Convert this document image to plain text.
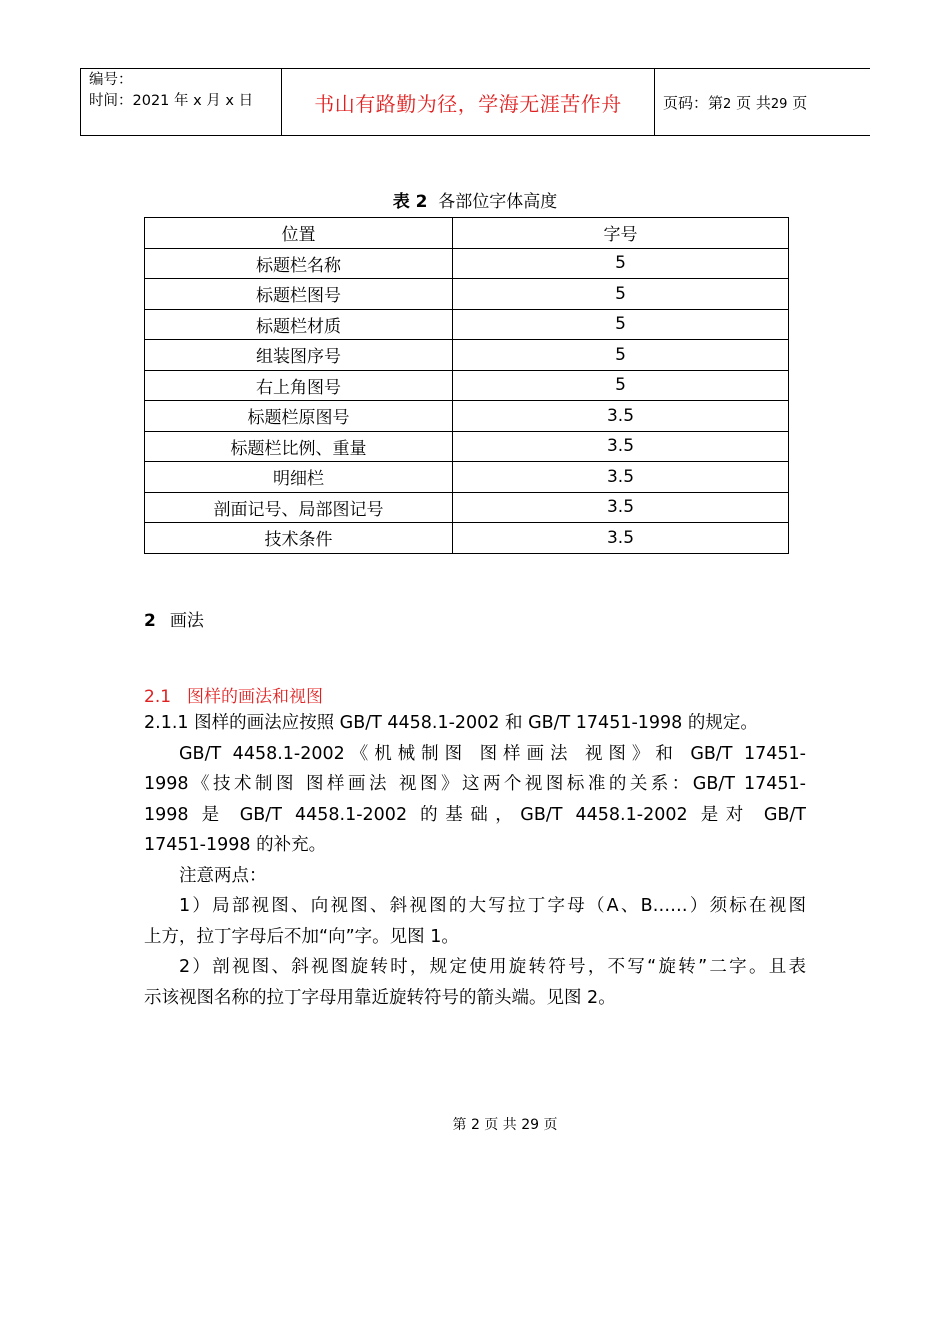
编号：
时间：2021 年 x 月 x 日	书山有路勤为径，学海无涯苦作舟	页码：第2 页 共29 页
表 2 各部位字体高度
位置	字号
标题栏名称	5
标题栏图号	5
标题栏材质	5
组装图序号	5
右上角图号	5
标题栏原图号	3.5
标题栏比例、重量	3.5
明细栏	3.5
剖面记号、局部图记号	3.5
技术条件	3.5
2 画法
2.1 图样的画法和视图

2.1.1 图样的画法应按照 GB/T 4458.1-2002 和 GB/T 17451-1998 的规定。

GB/T 4458.1-2002《机械制图 图样画法 视图》和 GB/T 17451-

1998《技术制图 图样画法 视图》这两个视图标准的关系：GB/T 17451-

1998 是 GB/T 4458.1-2002 的基础，GB/T 4458.1-2002 是对 GB/T

17451-1998 的补充。

注意两点：

1）局部视图、向视图、斜视图的大写拉丁字母（A、B……）须标在视图

上方，拉丁字母后不加“向”字。见图 1。

2）剖视图、斜视图旋转时，规定使用旋转符号，不写“旋转”二字。且表

示该视图名称的拉丁字母用靠近旋转符号的箭头端。见图 2。

第 2 页 共 29 页
